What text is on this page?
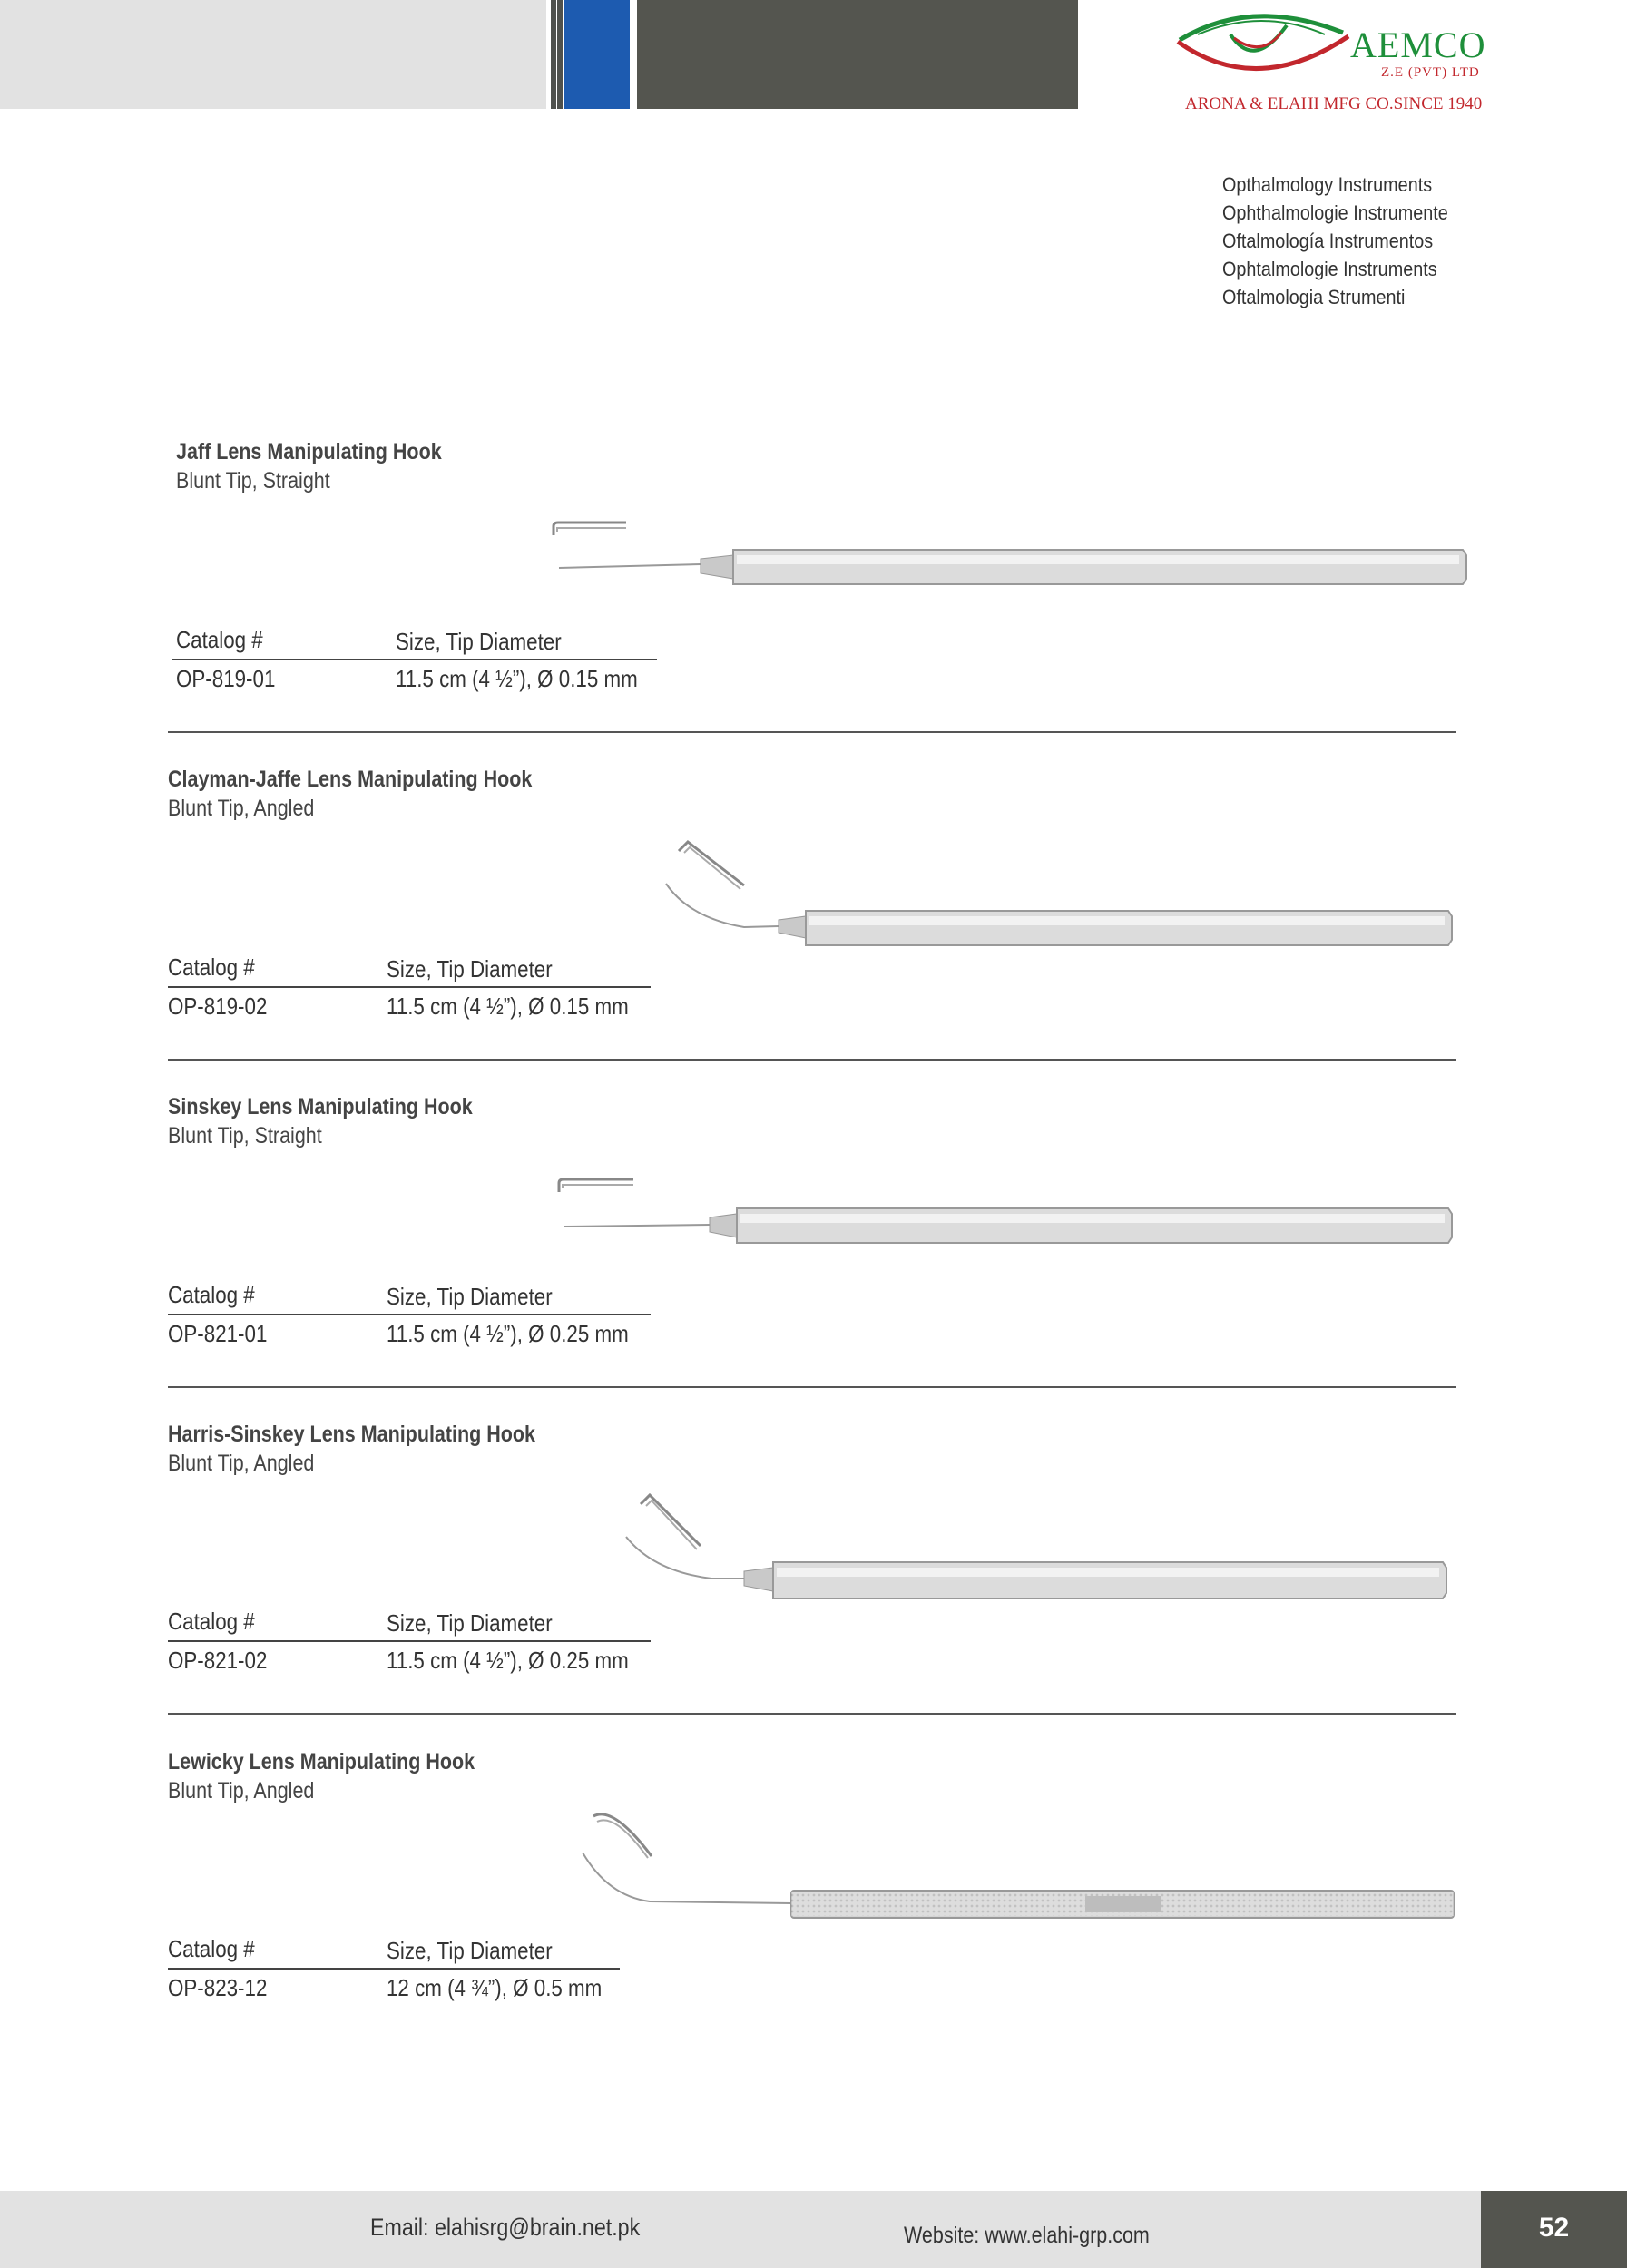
AEMCO
Z.E (PVT) LTD
ARONA & ELAHI MFG CO.SINCE 1940
Opthalmology Instruments
Ophthalmologie Instrumente
Oftalmología Instrumentos
Ophtalmologie Instruments
Oftalmologia Strumenti
Jaff Lens Manipulating Hook
Blunt Tip, Straight
Catalog #	Size, Tip Diameter
OP-819-01	11.5 cm (4 ½”), Ø 0.15 mm
Clayman-Jaffe Lens Manipulating Hook
Blunt Tip, Angled
Catalog #	Size, Tip Diameter
OP-819-02	11.5 cm (4 ½”), Ø 0.15 mm
Sinskey Lens Manipulating Hook
Blunt Tip, Straight
Catalog #	Size, Tip Diameter
OP-821-01	11.5 cm (4 ½”), Ø 0.25 mm
Harris-Sinskey Lens Manipulating Hook
Blunt Tip, Angled
Catalog #	Size, Tip Diameter
OP-821-02	11.5 cm (4 ½”), Ø 0.25 mm
Lewicky Lens Manipulating Hook
Blunt Tip, Angled
Catalog #	Size, Tip Diameter
OP-823-12	12 cm (4 ¾”), Ø 0.5 mm
52
Email: elahisrg@brain.net.pk	Website: www.elahi-grp.com
